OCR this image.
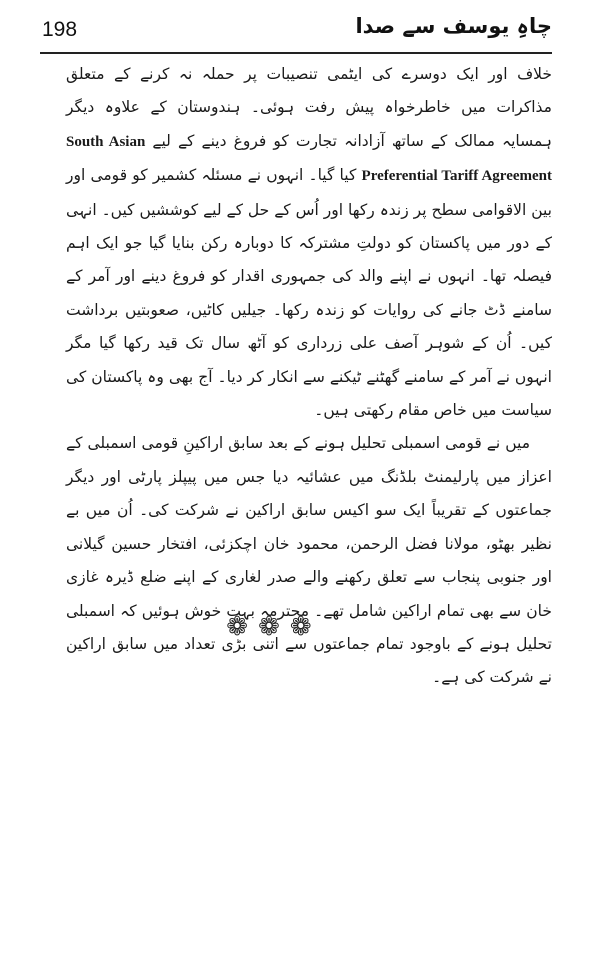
198	چاہِ یوسف سے صدا

خلاف اور ایک دوسرے کی ایٹمی تنصیبات پر حملہ نہ کرنے کے متعلق مذاکرات میں خاطرخواہ پیش رفت ہوئی۔ ہندوستان کے علاوہ دیگر ہمسایہ ممالک کے ساتھ آزادانہ تجارت کو فروغ دینے کے لیے South Asian Preferential Tariff Agreement کیا گیا۔ انہوں نے مسئلہ کشمیر کو قومی اور بین الاقوامی سطح پر زندہ رکھا اور اُس کے حل کے لیے کوششیں کیں۔ انہی کے دور میں پاکستان کو دولتِ مشترکہ کا دوبارہ رکن بنایا گیا جو ایک اہم فیصلہ تھا۔ انہوں نے اپنے والد کی جمہوری اقدار کو فروغ دینے اور آمر کے سامنے ڈٹ جانے کی روایات کو زندہ رکھا۔ جیلیں کاٹیں، صعوبتیں برداشت کیں۔ اُن کے شوہر آصف علی زرداری کو آٹھ سال تک قید رکھا گیا مگر انہوں نے آمر کے سامنے گھٹنے ٹیکنے سے انکار کر دیا۔ آج بھی وہ پاکستان کی سیاست میں خاص مقام رکھتی ہیں۔

میں نے قومی اسمبلی تحلیل ہونے کے بعد سابق اراکینِ قومی اسمبلی کے اعزاز میں پارلیمنٹ بلڈنگ میں عشائیہ دیا جس میں پیپلز پارٹی اور دیگر جماعتوں کے تقریباً ایک سو اکیس سابق اراکین نے شرکت کی۔ اُن میں بے نظیر بھٹو، مولانا فضل الرحمن، محمود خان اچکزئی، افتخار حسین گیلانی اور جنوبی پنجاب سے تعلق رکھنے والے صدر لغاری کے اپنے ضلع ڈیرہ غازی خان سے بھی تمام اراکین شامل تھے۔ محترمہ بہت خوش ہوئیں کہ اسمبلی تحلیل ہونے کے باوجود تمام جماعتوں سے اتنی بڑی تعداد میں سابق اراکین نے شرکت کی ہے۔

❁❁❁
